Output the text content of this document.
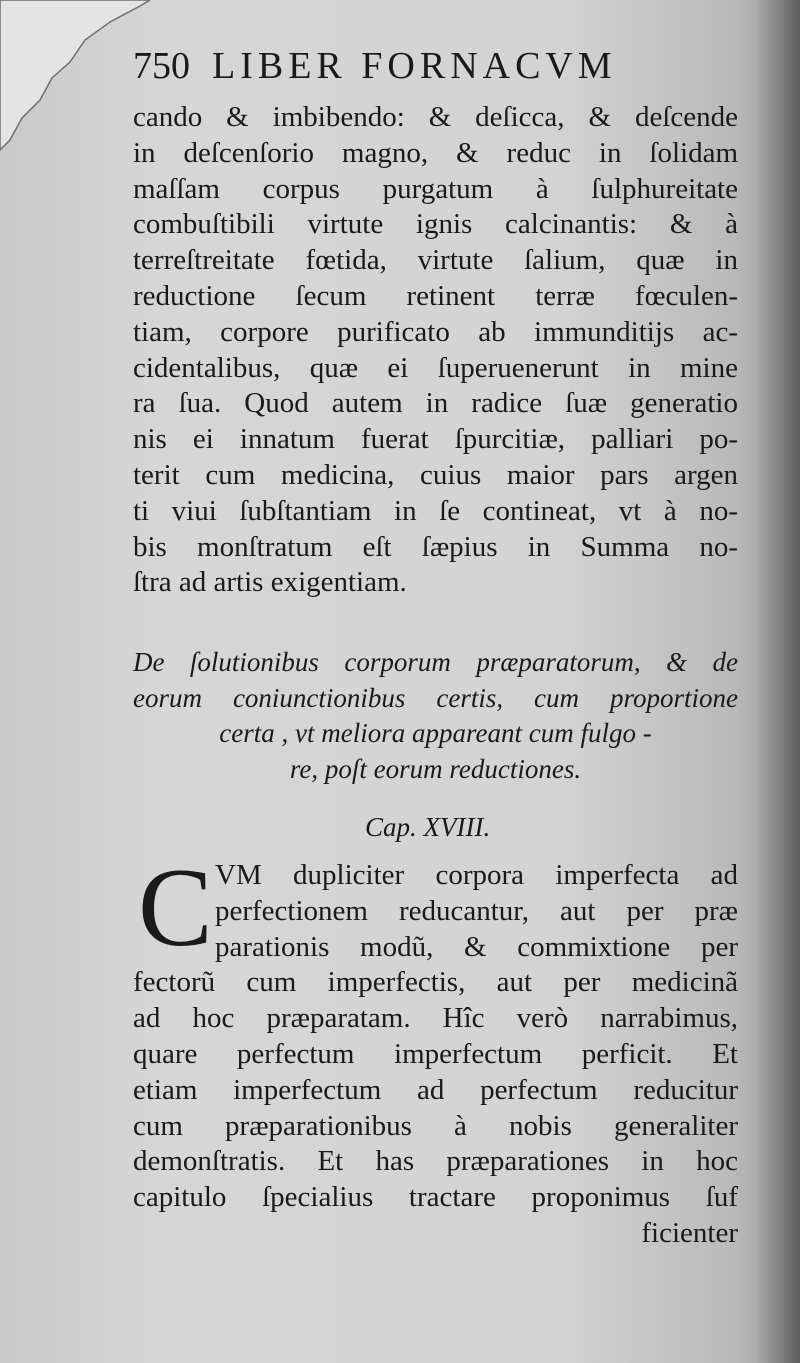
750 LIBER FORNACVM
cando & imbibendo: & deſicca, & deſcende
in deſcenſorio magno, & reduc in ſolidam
maſſam corpus purgatum à ſulphureitate
combuſtibili virtute ignis calcinantis: & à
terreſtreitate fœtida, virtute ſalium, quæ in
reductione ſecum retinent terræ fœculen-
tiam, corpore purificato ab immunditijs ac-
cidentalibus, quæ ei ſuperuenerunt in mine
ra ſua. Quod autem in radice ſuæ generatio
nis ei innatum fuerat ſpurcitiæ, palliari po-
terit cum medicina, cuius maior pars argen
ti viui ſubſtantiam in ſe contineat, vt à no-
bis monſtratum eſt ſæpius in Summa no-
ſtra ad artis exigentiam.
De ſolutionibus corporum præparatorum, & de
eorum coniunctionibus certis, cum proportione
certa , vt meliora appareant cum fulgo -
re, poſt eorum reductiones.
Cap. XVIII.
C VM dupliciter corpora imperfecta ad
perfectionem reducantur, aut per præ
parationis modũ, & commixtione per
fectorũ cum imperfectis, aut per medicinã
ad hoc præparatam. Hîc verò narrabimus,
quare perfectum imperfectum perficit. Et
etiam imperfectum ad perfectum reducitur
cum præparationibus à nobis generaliter
demonſtratis. Et has præparationes in hoc
capitulo ſpecialius tractare proponimus ſuf
ficienter
